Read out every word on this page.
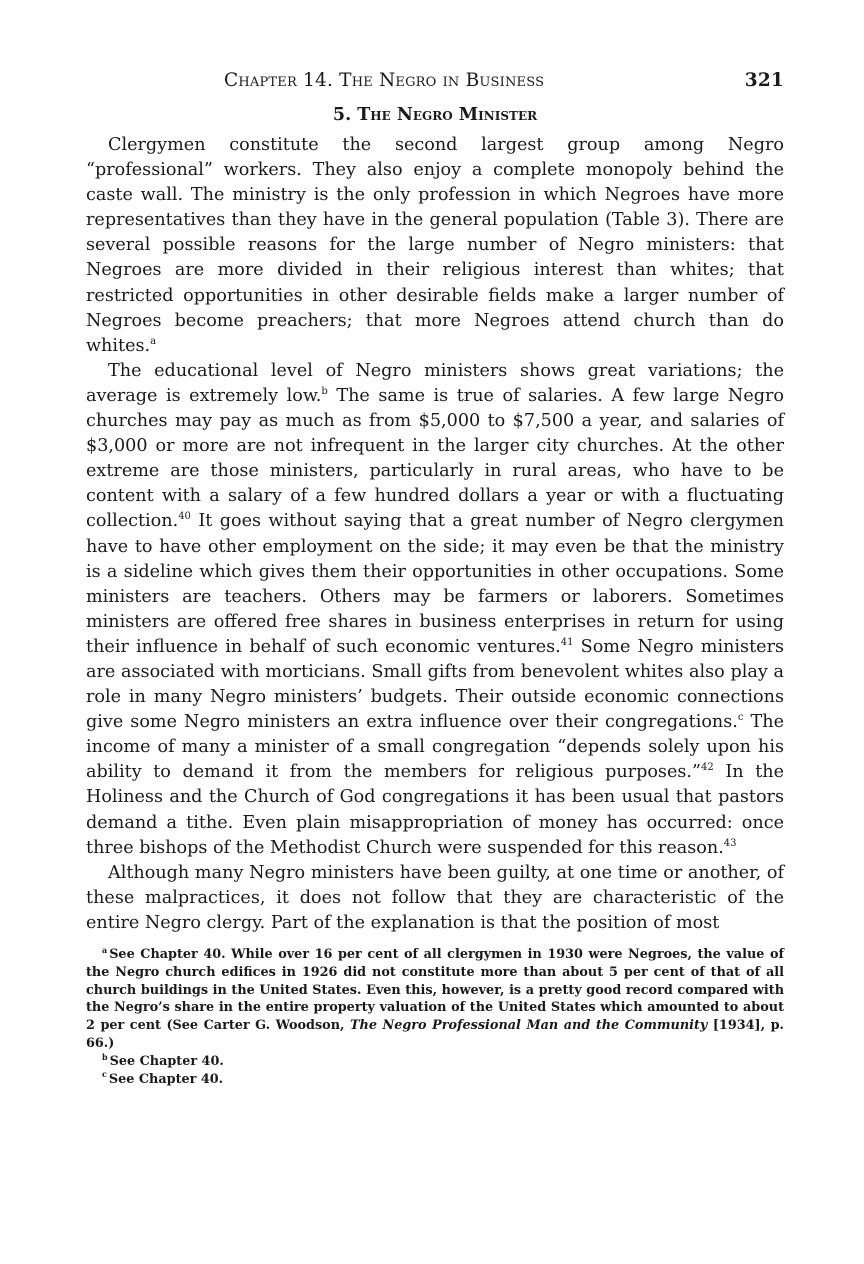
Chapter 14. The Negro in Business	321
5. The Negro Minister

Clergymen constitute the second largest group among Negro “professional” workers. They also enjoy a complete monopoly behind the caste wall. The ministry is the only profession in which Negroes have more representatives than they have in the general population (Table 3). There are several possible reasons for the large number of Negro ministers: that Negroes are more divided in their religious interest than whites; that restricted opportunities in other desirable fields make a larger number of Negroes become preachers; that more Negroes attend church than do whites.$^a$

The educational level of Negro ministers shows great variations; the average is extremely low.$^b$ The same is true of salaries. A few large Negro churches may pay as much as from $5,000 to $7,500 a year, and salaries of $3,000 or more are not infrequent in the larger city churches. At the other extreme are those ministers, particularly in rural areas, who have to be content with a salary of a few hundred dollars a year or with a fluctuating collection.$^{40}$ It goes without saying that a great number of Negro clergymen have to have other employment on the side; it may even be that the ministry is a sideline which gives them their opportunities in other occupations. Some ministers are teachers. Others may be farmers or laborers. Sometimes ministers are offered free shares in business enterprises in return for using their influence in behalf of such economic ventures.$^{41}$ Some Negro ministers are associated with morticians. Small gifts from benevolent whites also play a role in many Negro ministers’ budgets. Their outside economic connections give some Negro ministers an extra influence over their congregations.$^c$ The income of many a minister of a small congregation “depends solely upon his ability to demand it from the members for religious purposes.”$^{42}$ In the Holiness and the Church of God congregations it has been usual that pastors demand a tithe. Even plain misappropriation of money has occurred: once three bishops of the Methodist Church were suspended for this reason.$^{43}$

Although many Negro ministers have been guilty, at one time or another, of these malpractices, it does not follow that they are characteristic of the entire Negro clergy. Part of the explanation is that the position of most

$^a$ See Chapter 40. While over 16 per cent of all clergymen in 1930 were Negroes, the value of the Negro church edifices in 1926 did not constitute more than about 5 per cent of that of all church buildings in the United States. Even this, however, is a pretty good record compared with the Negro’s share in the entire property valuation of the United States which amounted to about 2 per cent (See Carter G. Woodson, The Negro Professional Man and the Community [1934], p. 66.)

$^b$ See Chapter 40.

$^c$ See Chapter 40.
